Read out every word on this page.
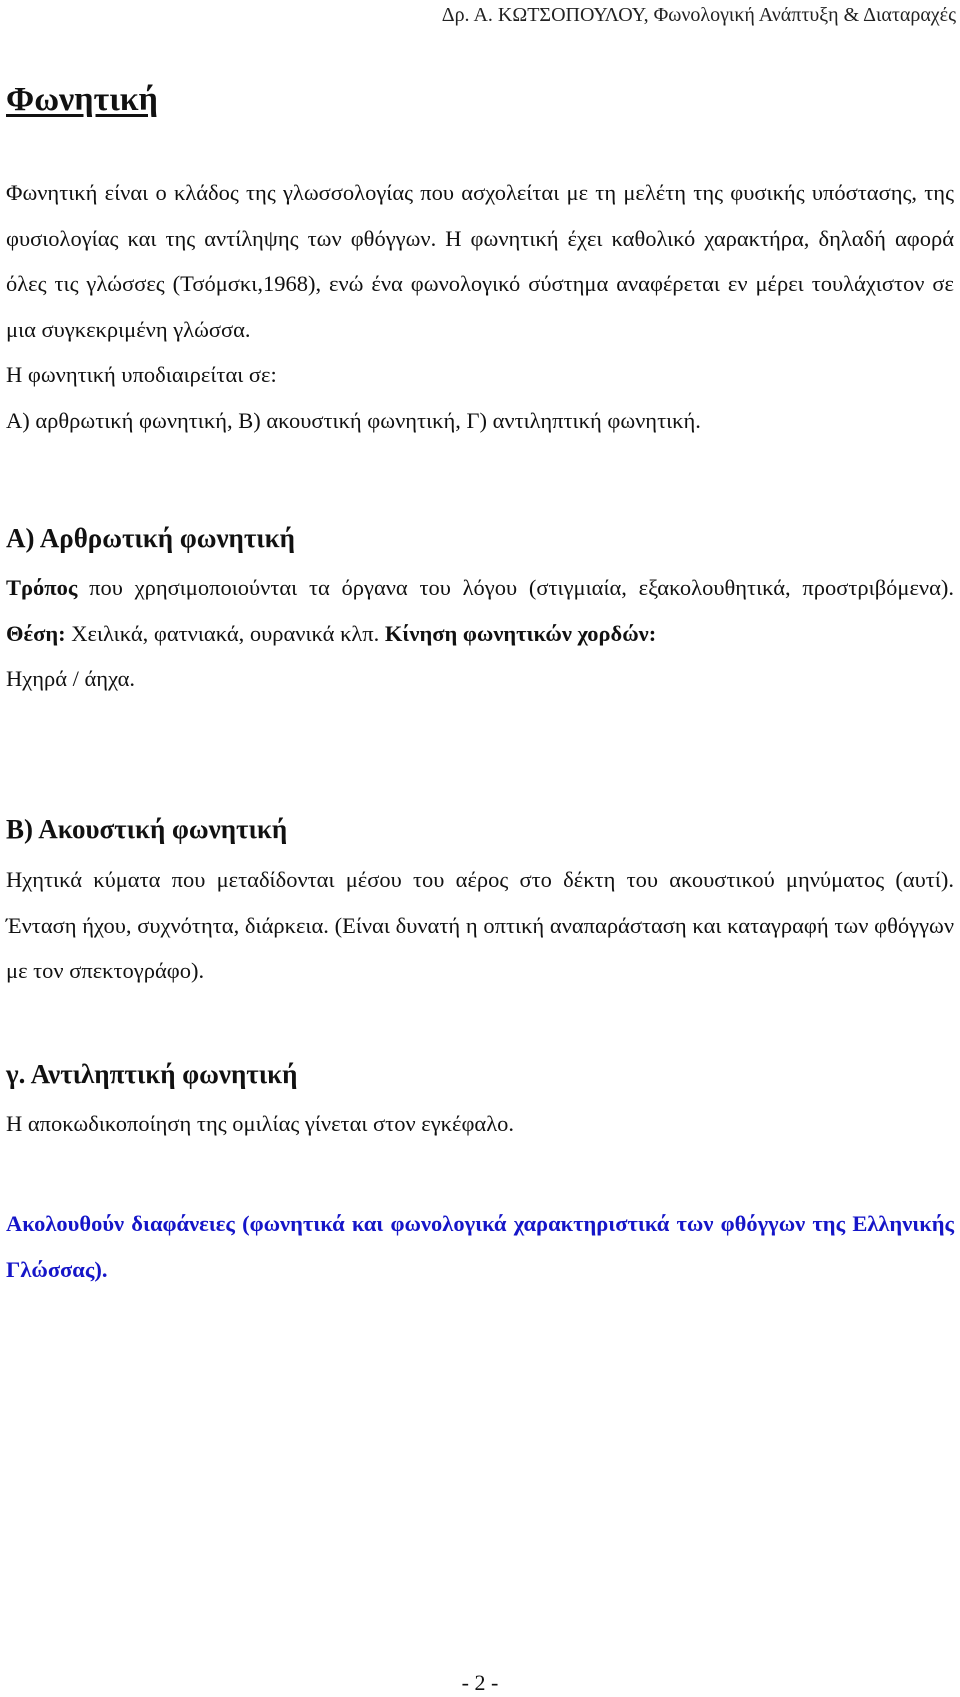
Δρ. Α. ΚΩΤΣΟΠΟΥΛΟΥ, Φωνολογική Ανάπτυξη & Διαταραχές
Φωνητική

Φωνητική είναι ο κλάδος της γλωσσολογίας που ασχολείται με τη μελέτη της φυσικής υπόστασης, της φυσιολογίας και της αντίληψης των φθόγγων. Η φωνητική έχει καθολικό χαρακτήρα, δηλαδή αφορά όλες τις γλώσσες (Τσόμσκι,1968), ενώ ένα φωνολογικό σύστημα αναφέρεται εν μέρει τουλάχιστον σε μια συγκεκριμένη γλώσσα.
Η φωνητική υποδιαιρείται σε:
Α) αρθρωτική φωνητική, Β) ακουστική φωνητική, Γ) αντιληπτική φωνητική.

Α) Αρθρωτική φωνητική

Τρόπος που χρησιμοποιούνται τα όργανα του λόγου (στιγμιαία, εξακολουθητικά, προστριβόμενα). Θέση: Χειλικά, φατνιακά, ουρανικά κλπ. Κίνηση φωνητικών χορδών:
Ηχηρά / άηχα.

Β) Ακουστική φωνητική

Ηχητικά κύματα που μεταδίδονται μέσου του αέρος στο δέκτη του ακουστικού μηνύματος (αυτί). Ένταση ήχου, συχνότητα, διάρκεια. (Είναι δυνατή η οπτική αναπαράσταση και καταγραφή των φθόγγων με τον σπεκτογράφο).

γ. Αντιληπτική φωνητική

Η αποκωδικοποίηση της ομιλίας γίνεται στον εγκέφαλο.

Ακολουθούν διαφάνειες (φωνητικά και φωνολογικά χαρακτηριστικά των φθόγγων της Ελληνικής Γλώσσας).

- 2 -
